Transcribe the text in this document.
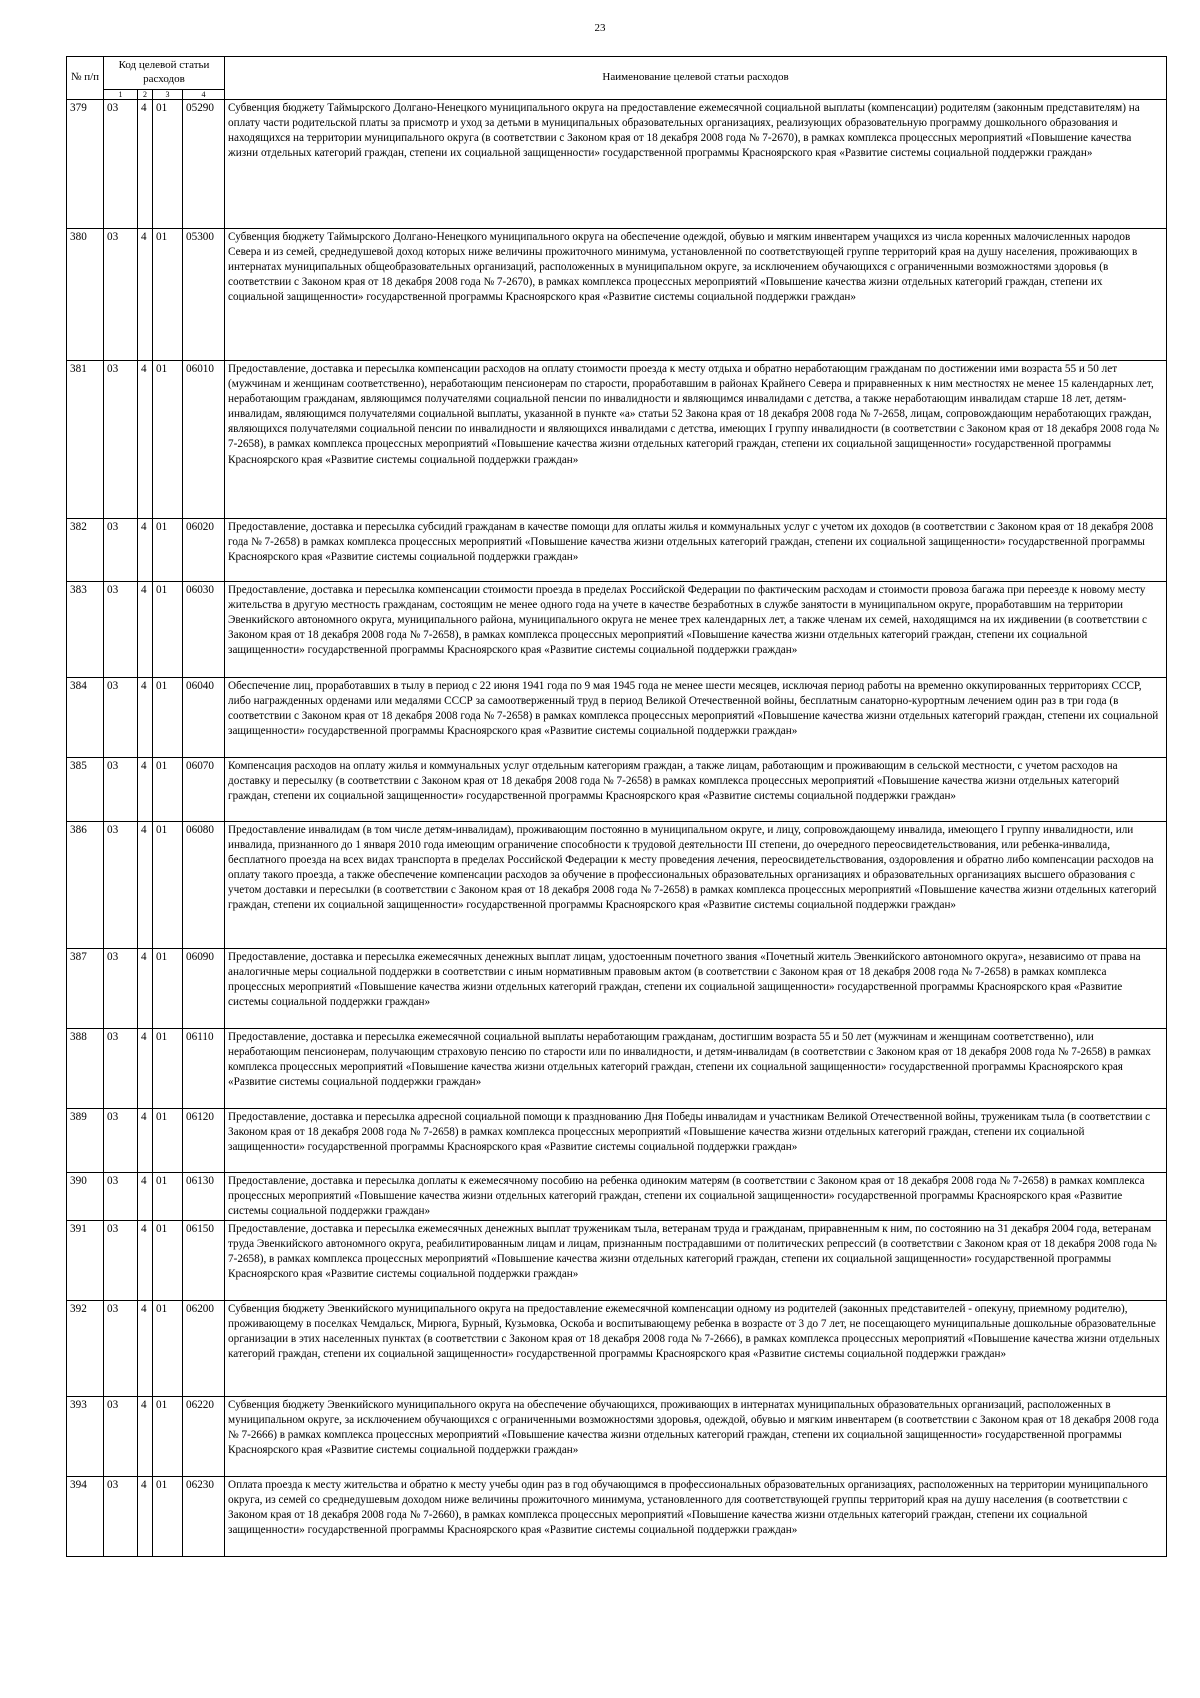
23
№ п/п	Код целевой статьи расходов				Наименование целевой статьи расходов
	1	2	3	4	
379	03	4	01	05290	Субвенция бюджету Таймырского Долгано-Ненецкого муниципального округа на предоставление ежемесячной социальной выплаты (компенсации) родителям (законным представителям) на оплату части родительской платы за присмотр и уход за детьми в муниципальных образовательных организациях, реализующих образовательную программу дошкольного образования и находящихся на территории муниципального округа (в соответствии с Законом края от 18 декабря 2008 года № 7-2670), в рамках комплекса процессных мероприятий «Повышение качества жизни отдельных категорий граждан, степени их социальной защищенности» государственной программы Красноярского края «Развитие системы социальной поддержки граждан»
380	03	4	01	05300	Субвенция бюджету Таймырского Долгано-Ненецкого муниципального округа на обеспечение одеждой, обувью и мягким инвентарем учащихся из числа коренных малочисленных народов Севера и из семей, среднедушевой доход которых ниже величины прожиточного минимума, установленной по соответствующей группе территорий края на душу населения, проживающих в интернатах муниципальных общеобразовательных организаций, расположенных в муниципальном округе, за исключением обучающихся с ограниченными возможностями здоровья (в соответствии с Законом края от 18 декабря 2008 года № 7-2670), в рамках комплекса процессных мероприятий «Повышение качества жизни отдельных категорий граждан, степени их социальной защищенности» государственной программы Красноярского края «Развитие системы социальной поддержки граждан»
381	03	4	01	06010	Предоставление, доставка и пересылка компенсации расходов на оплату стоимости проезда к месту отдыха и обратно неработающим гражданам по достижении ими возраста 55 и 50 лет (мужчинам и женщинам соответственно), неработающим пенсионерам по старости, проработавшим в районах Крайнего Севера и приравненных к ним местностях не менее 15 календарных лет, неработающим гражданам, являющимся получателями социальной пенсии по инвалидности и являющимся инвалидами с детства, а также неработающим инвалидам старше 18 лет, детям-инвалидам, являющимся получателями социальной выплаты, указанной в пункте «а» статьи 52 Закона края от 18 декабря 2008 года № 7-2658, лицам, сопровождающим неработающих граждан, являющихся получателями социальной пенсии по инвалидности и являющихся инвалидами с детства, имеющих I группу инвалидности (в соответствии с Законом края от 18 декабря 2008 года № 7-2658), в рамках комплекса процессных мероприятий «Повышение качества жизни отдельных категорий граждан, степени их социальной защищенности» государственной программы Красноярского края «Развитие системы социальной поддержки граждан»
382	03	4	01	06020	Предоставление, доставка и пересылка субсидий гражданам в качестве помощи для оплаты жилья и коммунальных услуг с учетом их доходов (в соответствии с Законом края от 18 декабря 2008 года № 7-2658) в рамках комплекса процессных мероприятий «Повышение качества жизни отдельных категорий граждан, степени их социальной защищенности» государственной программы Красноярского края «Развитие системы социальной поддержки граждан»
383	03	4	01	06030	Предоставление, доставка и пересылка компенсации стоимости проезда в пределах Российской Федерации по фактическим расходам и стоимости провоза багажа при переезде к новому месту жительства в другую местность гражданам, состоящим не менее одного года на учете в качестве безработных в службе занятости в муниципальном округе, проработавшим на территории Эвенкийского автономного округа, муниципального района, муниципального округа не менее трех календарных лет, а также членам их семей, находящимся на их иждивении (в соответствии с Законом края от 18 декабря 2008 года № 7-2658), в рамках комплекса процессных мероприятий «Повышение качества жизни отдельных категорий граждан, степени их социальной защищенности» государственной программы Красноярского края «Развитие системы социальной поддержки граждан»
384	03	4	01	06040	Обеспечение лиц, проработавших в тылу в период с 22 июня 1941 года по 9 мая 1945 года не менее шести месяцев, исключая период работы на временно оккупированных территориях СССР, либо награжденных орденами или медалями СССР за самоотверженный труд в период Великой Отечественной войны, бесплатным санаторно-курортным лечением один раз в три года (в соответствии с Законом края от 18 декабря 2008 года № 7-2658) в рамках комплекса процессных мероприятий «Повышение качества жизни отдельных категорий граждан, степени их социальной защищенности» государственной программы Красноярского края «Развитие системы социальной поддержки граждан»
385	03	4	01	06070	Компенсация расходов на оплату жилья и коммунальных услуг отдельным категориям граждан, а также лицам, работающим и проживающим в сельской местности, с учетом расходов на доставку и пересылку (в соответствии с Законом края от 18 декабря 2008 года № 7-2658) в рамках комплекса процессных мероприятий «Повышение качества жизни отдельных категорий граждан, степени их социальной защищенности» государственной программы Красноярского края «Развитие системы социальной поддержки граждан»
386	03	4	01	06080	Предоставление инвалидам (в том числе детям-инвалидам), проживающим постоянно в муниципальном округе, и лицу, сопровождающему инвалида, имеющего I группу инвалидности, или инвалида, признанного до 1 января 2010 года имеющим ограничение способности к трудовой деятельности III степени, до очередного переосвидетельствования, или ребенка-инвалида, бесплатного проезда на всех видах транспорта в пределах Российской Федерации к месту проведения лечения, переосвидетельствования, оздоровления и обратно либо компенсации расходов на оплату такого проезда, а также обеспечение компенсации расходов за обучение в профессиональных образовательных организациях и образовательных организациях высшего образования с учетом доставки и пересылки (в соответствии с Законом края от 18 декабря 2008 года № 7-2658) в рамках комплекса процессных мероприятий «Повышение качества жизни отдельных категорий граждан, степени их социальной защищенности» государственной программы Красноярского края «Развитие системы социальной поддержки граждан»
387	03	4	01	06090	Предоставление, доставка и пересылка ежемесячных денежных выплат лицам, удостоенным почетного звания «Почетный житель Эвенкийского автономного округа», независимо от права на аналогичные меры социальной поддержки в соответствии с иным нормативным правовым актом (в соответствии с Законом края от 18 декабря 2008 года № 7-2658) в рамках комплекса процессных мероприятий «Повышение качества жизни отдельных категорий граждан, степени их социальной защищенности» государственной программы Красноярского края «Развитие системы социальной поддержки граждан»
388	03	4	01	06110	Предоставление, доставка и пересылка ежемесячной социальной выплаты неработающим гражданам, достигшим возраста 55 и 50 лет (мужчинам и женщинам соответственно), или неработающим пенсионерам, получающим страховую пенсию по старости или по инвалидности, и детям-инвалидам (в соответствии с Законом края от 18 декабря 2008 года № 7-2658) в рамках комплекса процессных мероприятий «Повышение качества жизни отдельных категорий граждан, степени их социальной защищенности» государственной программы Красноярского края «Развитие системы социальной поддержки граждан»
389	03	4	01	06120	Предоставление, доставка и пересылка адресной социальной помощи к празднованию Дня Победы инвалидам и участникам Великой Отечественной войны, труженикам тыла (в соответствии с Законом края от 18 декабря 2008 года № 7-2658) в рамках комплекса процессных мероприятий «Повышение качества жизни отдельных категорий граждан, степени их социальной защищенности» государственной программы Красноярского края «Развитие системы социальной поддержки граждан»
390	03	4	01	06130	Предоставление, доставка и пересылка доплаты к ежемесячному пособию на ребенка одиноким матерям (в соответствии с Законом края от 18 декабря 2008 года № 7-2658) в рамках комплекса процессных мероприятий «Повышение качества жизни отдельных категорий граждан, степени их социальной защищенности» государственной программы Красноярского края «Развитие системы социальной поддержки граждан»
391	03	4	01	06150	Предоставление, доставка и пересылка ежемесячных денежных выплат труженикам тыла, ветеранам труда и гражданам, приравненным к ним, по состоянию на 31 декабря 2004 года, ветеранам труда Эвенкийского автономного округа, реабилитированным лицам и лицам, признанным пострадавшими от политических репрессий (в соответствии с Законом края от 18 декабря 2008 года № 7-2658), в рамках комплекса процессных мероприятий «Повышение качества жизни отдельных категорий граждан, степени их социальной защищенности» государственной программы Красноярского края «Развитие системы социальной поддержки граждан»
392	03	4	01	06200	Субвенция бюджету Эвенкийского муниципального округа на предоставление ежемесячной компенсации одному из родителей (законных представителей - опекуну, приемному родителю), проживающему в поселках Чемдальск, Мирюга, Бурный, Кузьмовка, Оскоба и воспитывающему ребенка в возрасте от 3 до 7 лет, не посещающего муниципальные дошкольные образовательные организации в этих населенных пунктах (в соответствии с Законом края от 18 декабря 2008 года № 7-2666), в рамках комплекса процессных мероприятий «Повышение качества жизни отдельных категорий граждан, степени их социальной защищенности» государственной программы Красноярского края «Развитие системы социальной поддержки граждан»
393	03	4	01	06220	Субвенция бюджету Эвенкийского муниципального округа на обеспечение обучающихся, проживающих в интернатах муниципальных образовательных организаций, расположенных в муниципальном округе, за исключением обучающихся с ограниченными возможностями здоровья, одеждой, обувью и мягким инвентарем (в соответствии с Законом края от 18 декабря 2008 года № 7-2666) в рамках комплекса процессных мероприятий «Повышение качества жизни отдельных категорий граждан, степени их социальной защищенности» государственной программы Красноярского края «Развитие системы социальной поддержки граждан»
394	03	4	01	06230	Оплата проезда к месту жительства и обратно к месту учебы один раз в год обучающимся в профессиональных образовательных организациях, расположенных на территории муниципального округа, из семей со среднедушевым доходом ниже величины прожиточного минимума, установленного для соответствующей группы территорий края на душу населения (в соответствии с Законом края от 18 декабря 2008 года № 7-2660), в рамках комплекса процессных мероприятий «Повышение качества жизни отдельных категорий граждан, степени их социальной защищенности» государственной программы Красноярского края «Развитие системы социальной поддержки граждан»
